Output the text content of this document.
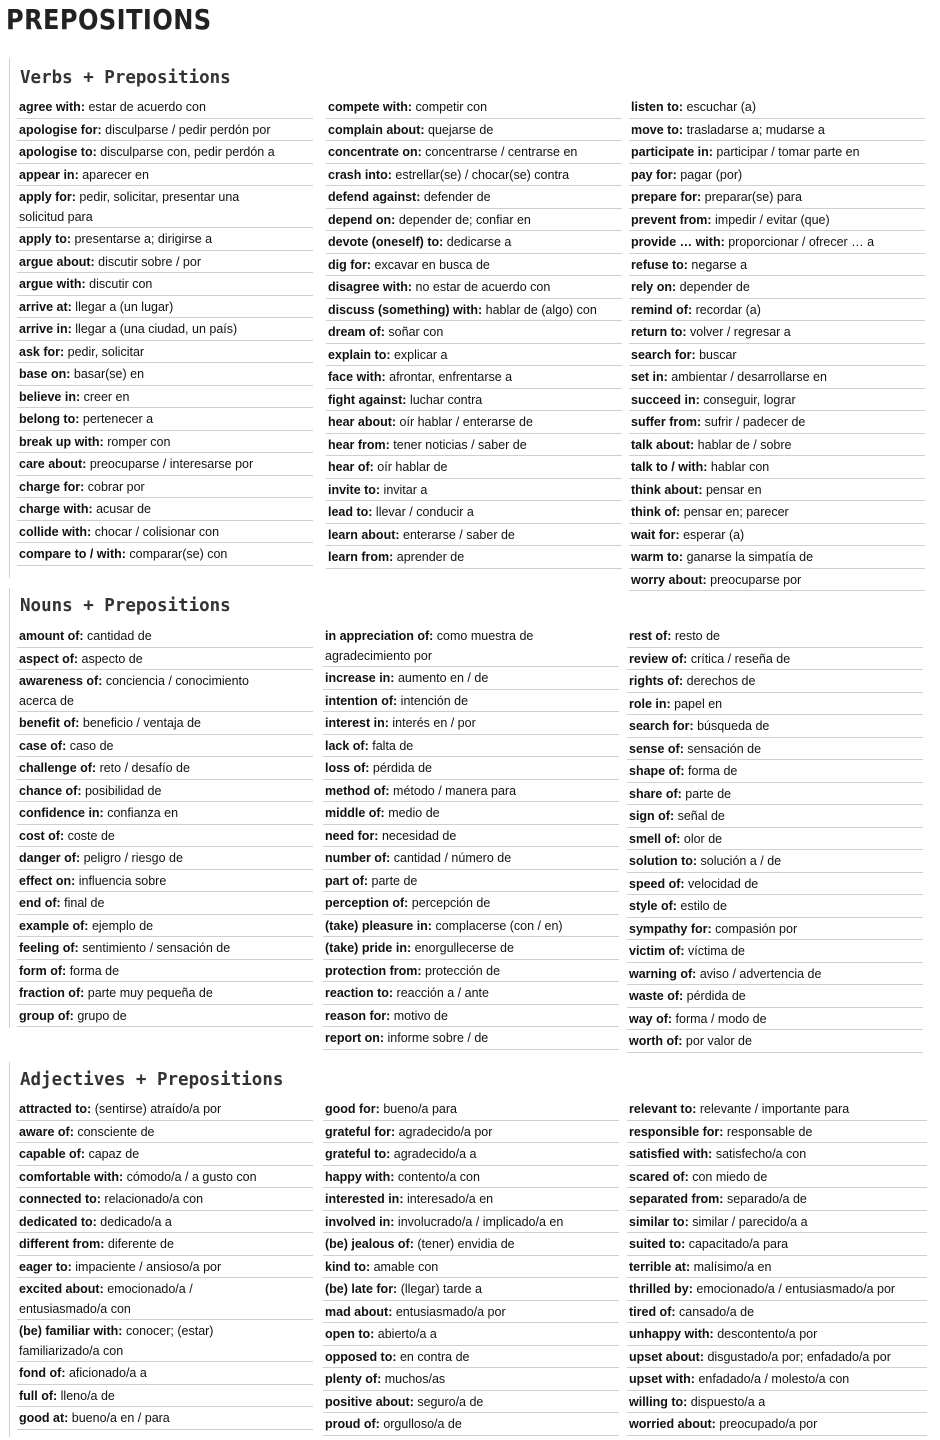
PREPOSITIONS
Verbs + Prepositions
agree with: estar de acuerdo con
apologise for: disculparse / pedir perdón por
apologise to: disculparse con, pedir perdón a
appear in: aparecer en
apply for: pedir, solicitar, presentar una
solicitud para
apply to: presentarse a; dirigirse a
argue about: discutir sobre / por
argue with: discutir con
arrive at: llegar a (un lugar)
arrive in: llegar a (una ciudad, un país)
ask for: pedir, solicitar
base on: basar(se) en
believe in: creer en
belong to: pertenecer a
break up with: romper con
care about: preocuparse / interesarse por
charge for: cobrar por
charge with: acusar de
collide with: chocar / colisionar con
compare to / with: comparar(se) con
compete with: competir con
complain about: quejarse de
concentrate on: concentrarse / centrarse en
crash into: estrellar(se) / chocar(se) contra
defend against: defender de
depend on: depender de; confiar en
devote (oneself) to: dedicarse a
dig for: excavar en busca de
disagree with: no estar de acuerdo con
discuss (something) with: hablar de (algo) con
dream of: soñar con
explain to: explicar a
face with: afrontar, enfrentarse a
fight against: luchar contra
hear about: oír hablar / enterarse de
hear from: tener noticias / saber de
hear of: oír hablar de
invite to: invitar a
lead to: llevar / conducir a
learn about: enterarse / saber de
learn from: aprender de
listen to: escuchar (a)
move to: trasladarse a; mudarse a
participate in: participar / tomar parte en
pay for: pagar (por)
prepare for: preparar(se) para
prevent from: impedir / evitar (que)
provide … with: proporcionar / ofrecer … a
refuse to: negarse a
rely on: depender de
remind of: recordar (a)
return to: volver / regresar a
search for: buscar
set in: ambientar / desarrollarse en
succeed in: conseguir, lograr
suffer from: sufrir / padecer de
talk about: hablar de / sobre
talk to / with: hablar con
think about: pensar en
think of: pensar en; parecer
wait for: esperar (a)
warm to: ganarse la simpatía de
worry about: preocuparse por
Nouns + Prepositions
amount of: cantidad de
aspect of: aspecto de
awareness of: conciencia / conocimiento
acerca de
benefit of: beneficio / ventaja de
case of: caso de
challenge of: reto / desafío de
chance of: posibilidad de
confidence in: confianza en
cost of: coste de
danger of: peligro / riesgo de
effect on: influencia sobre
end of: final de
example of: ejemplo de
feeling of: sentimiento / sensación de
form of: forma de
fraction of: parte muy pequeña de
group of: grupo de
in appreciation of: como muestra de
agradecimiento por
increase in: aumento en / de
intention of: intención de
interest in: interés en / por
lack of: falta de
loss of: pérdida de
method of: método / manera para
middle of: medio de
need for: necesidad de
number of: cantidad / número de
part of: parte de
perception of: percepción de
(take) pleasure in: complacerse (con / en)
(take) pride in: enorgullecerse de
protection from: protección de
reaction to: reacción a / ante
reason for: motivo de
report on: informe sobre / de
rest of: resto de
review of: crítica / reseña de
rights of: derechos de
role in: papel en
search for: búsqueda de
sense of: sensación de
shape of: forma de
share of: parte de
sign of: señal de
smell of: olor de
solution to: solución a / de
speed of: velocidad de
style of: estilo de
sympathy for: compasión por
victim of: víctima de
warning of: aviso / advertencia de
waste of: pérdida de
way of: forma / modo de
worth of: por valor de
Adjectives + Prepositions
attracted to: (sentirse) atraído/a por
aware of: consciente de
capable of: capaz de
comfortable with: cómodo/a / a gusto con
connected to: relacionado/a con
dedicated to: dedicado/a a
different from: diferente de
eager to: impaciente / ansioso/a por
excited about: emocionado/a /
entusiasmado/a con
(be) familiar with: conocer; (estar)
familiarizado/a con
fond of: aficionado/a a
full of: lleno/a de
good at: bueno/a en / para
good for: bueno/a para
grateful for: agradecido/a por
grateful to: agradecido/a a
happy with: contento/a con
interested in: interesado/a en
involved in: involucrado/a / implicado/a en
(be) jealous of: (tener) envidia de
kind to: amable con
(be) late for: (llegar) tarde a
mad about: entusiasmado/a por
open to: abierto/a a
opposed to: en contra de
plenty of: muchos/as
positive about: seguro/a de
proud of: orgulloso/a de
relevant to: relevante / importante para
responsible for: responsable de
satisfied with: satisfecho/a con
scared of: con miedo de
separated from: separado/a de
similar to: similar / parecido/a a
suited to: capacitado/a para
terrible at: malísimo/a en
thrilled by: emocionado/a / entusiasmado/a por
tired of: cansado/a de
unhappy with: descontento/a por
upset about: disgustado/a por; enfadado/a por
upset with: enfadado/a / molesto/a con
willing to: dispuesto/a a
worried about: preocupado/a por
